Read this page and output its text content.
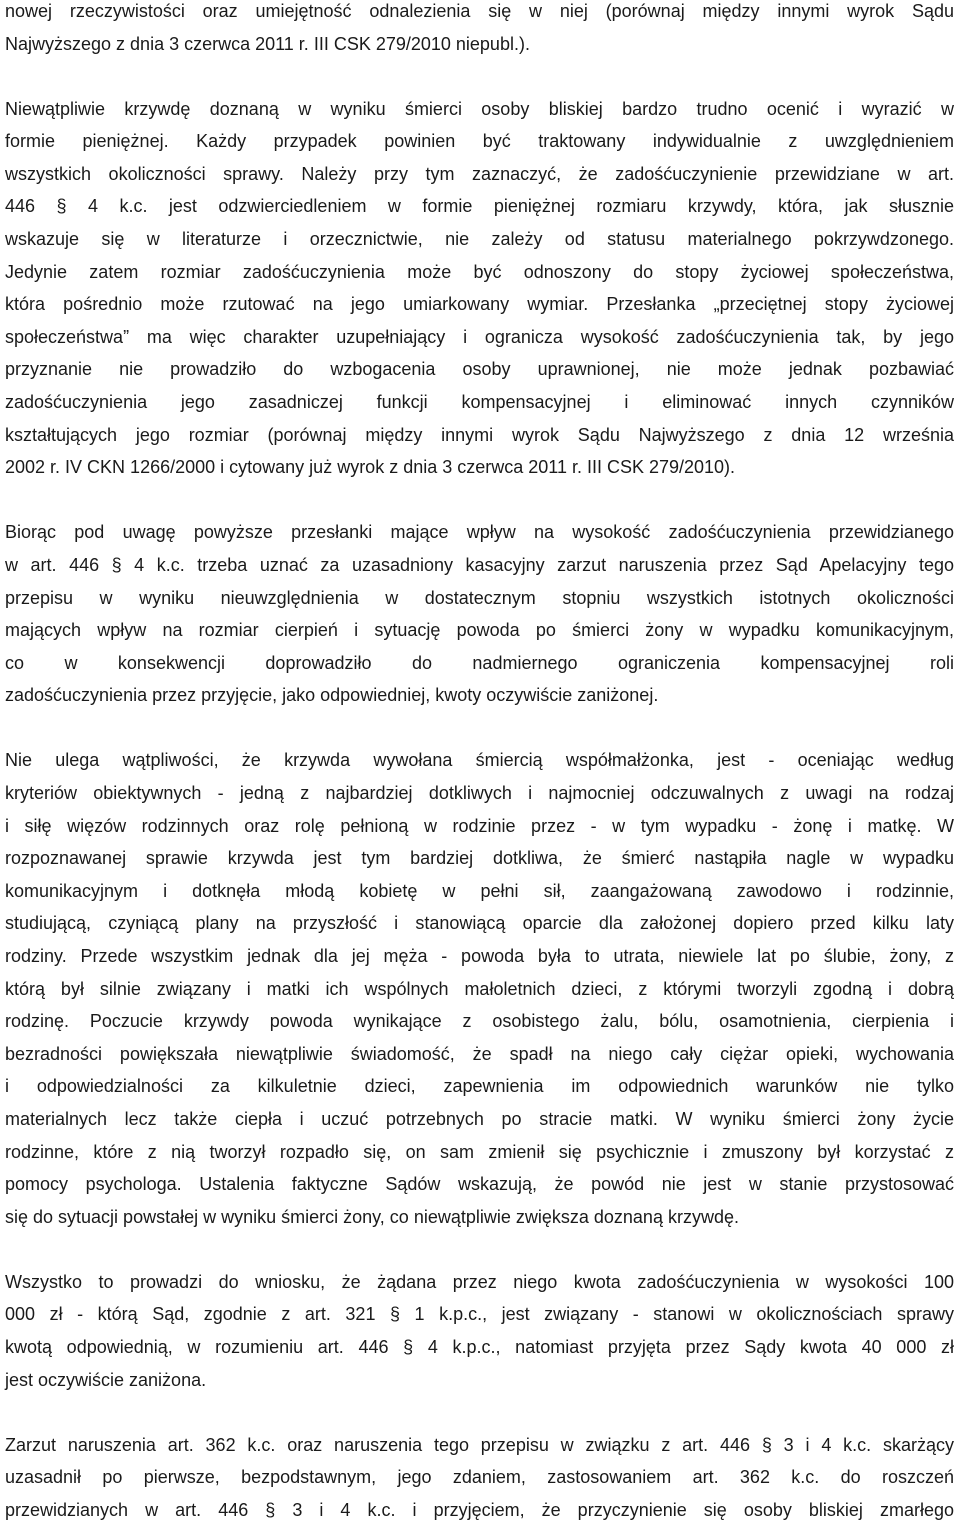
nowej rzeczywistości oraz umiejętność odnalezienia się w niej (porównaj między innymi wyrok Sądu
Najwyższego z dnia 3 czerwca 2011 r. III CSK 279/2010 niepubl.).

Niewątpliwie krzywdę doznaną w wyniku śmierci osoby bliskiej bardzo trudno ocenić i wyrazić w
formie pieniężnej. Każdy przypadek powinien być traktowany indywidualnie z uwzględnieniem
wszystkich okoliczności sprawy. Należy przy tym zaznaczyć, że zadośćuczynienie przewidziane w art.
446 § 4 k.c. jest odzwierciedleniem w formie pieniężnej rozmiaru krzywdy, która, jak słusznie
wskazuje się w literaturze i orzecznictwie, nie zależy od statusu materialnego pokrzywdzonego.
Jedynie zatem rozmiar zadośćuczynienia może być odnoszony do stopy życiowej społeczeństwa,
która pośrednio może rzutować na jego umiarkowany wymiar. Przesłanka „przeciętnej stopy życiowej
społeczeństwa” ma więc charakter uzupełniający i ogranicza wysokość zadośćuczynienia tak, by jego
przyznanie nie prowadziło do wzbogacenia osoby uprawnionej, nie może jednak pozbawiać
zadośćuczynienia jego zasadniczej funkcji kompensacyjnej i eliminować innych czynników
kształtujących jego rozmiar (porównaj między innymi wyrok Sądu Najwyższego z dnia 12 września
2002 r. IV CKN 1266/2000 i cytowany już wyrok z dnia 3 czerwca 2011 r. III CSK 279/2010).

Biorąc pod uwagę powyższe przesłanki mające wpływ na wysokość zadośćuczynienia przewidzianego
w art. 446 § 4 k.c. trzeba uznać za uzasadniony kasacyjny zarzut naruszenia przez Sąd Apelacyjny tego
przepisu w wyniku nieuwzględnienia w dostatecznym stopniu wszystkich istotnych okoliczności
mających wpływ na rozmiar cierpień i sytuację powoda po śmierci żony w wypadku komunikacyjnym,
co w konsekwencji doprowadziło do nadmiernego ograniczenia kompensacyjnej roli
zadośćuczynienia przez przyjęcie, jako odpowiedniej, kwoty oczywiście zaniżonej.

Nie ulega wątpliwości, że krzywda wywołana śmiercią współmałżonka, jest - oceniając według
kryteriów obiektywnych - jedną z najbardziej dotkliwych i najmocniej odczuwalnych z uwagi na rodzaj
i siłę więzów rodzinnych oraz rolę pełnioną w rodzinie przez - w tym wypadku - żonę i matkę. W
rozpoznawanej sprawie krzywda jest tym bardziej dotkliwa, że śmierć nastąpiła nagle w wypadku
komunikacyjnym i dotknęła młodą kobietę w pełni sił, zaangażowaną zawodowo i rodzinnie,
studiującą, czyniącą plany na przyszłość i stanowiącą oparcie dla założonej dopiero przed kilku laty
rodziny. Przede wszystkim jednak dla jej męża - powoda była to utrata, niewiele lat po ślubie, żony, z
którą był silnie związany i matki ich wspólnych małoletnich dzieci, z którymi tworzyli zgodną i dobrą
rodzinę. Poczucie krzywdy powoda wynikające z osobistego żalu, bólu, osamotnienia, cierpienia i
bezradności powiększała niewątpliwie świadomość, że spadł na niego cały ciężar opieki, wychowania
i odpowiedzialności za kilkuletnie dzieci, zapewnienia im odpowiednich warunków nie tylko
materialnych lecz także ciepła i uczuć potrzebnych po stracie matki. W wyniku śmierci żony życie
rodzinne, które z nią tworzył rozpadło się, on sam zmienił się psychicznie i zmuszony był korzystać z
pomocy psychologa. Ustalenia faktyczne Sądów wskazują, że powód nie jest w stanie przystosować
się do sytuacji powstałej w wyniku śmierci żony, co niewątpliwie zwiększa doznaną krzywdę.

Wszystko to prowadzi do wniosku, że żądana przez niego kwota zadośćuczynienia w wysokości 100
000 zł - którą Sąd, zgodnie z art. 321 § 1 k.p.c., jest związany - stanowi w okolicznościach sprawy
kwotą odpowiednią, w rozumieniu art. 446 § 4 k.p.c., natomiast przyjęta przez Sądy kwota 40 000 zł
jest oczywiście zaniżona.

Zarzut naruszenia art. 362 k.c. oraz naruszenia tego przepisu w związku z art. 446 § 3 i 4 k.c. skarżący
uzasadnił po pierwsze, bezpodstawnym, jego zdaniem, zastosowaniem art. 362 k.c. do roszczeń
przewidzianych w art. 446 § 3 i 4 k.c. i przyjęciem, że przyczynienie się osoby bliskiej zmarłego
